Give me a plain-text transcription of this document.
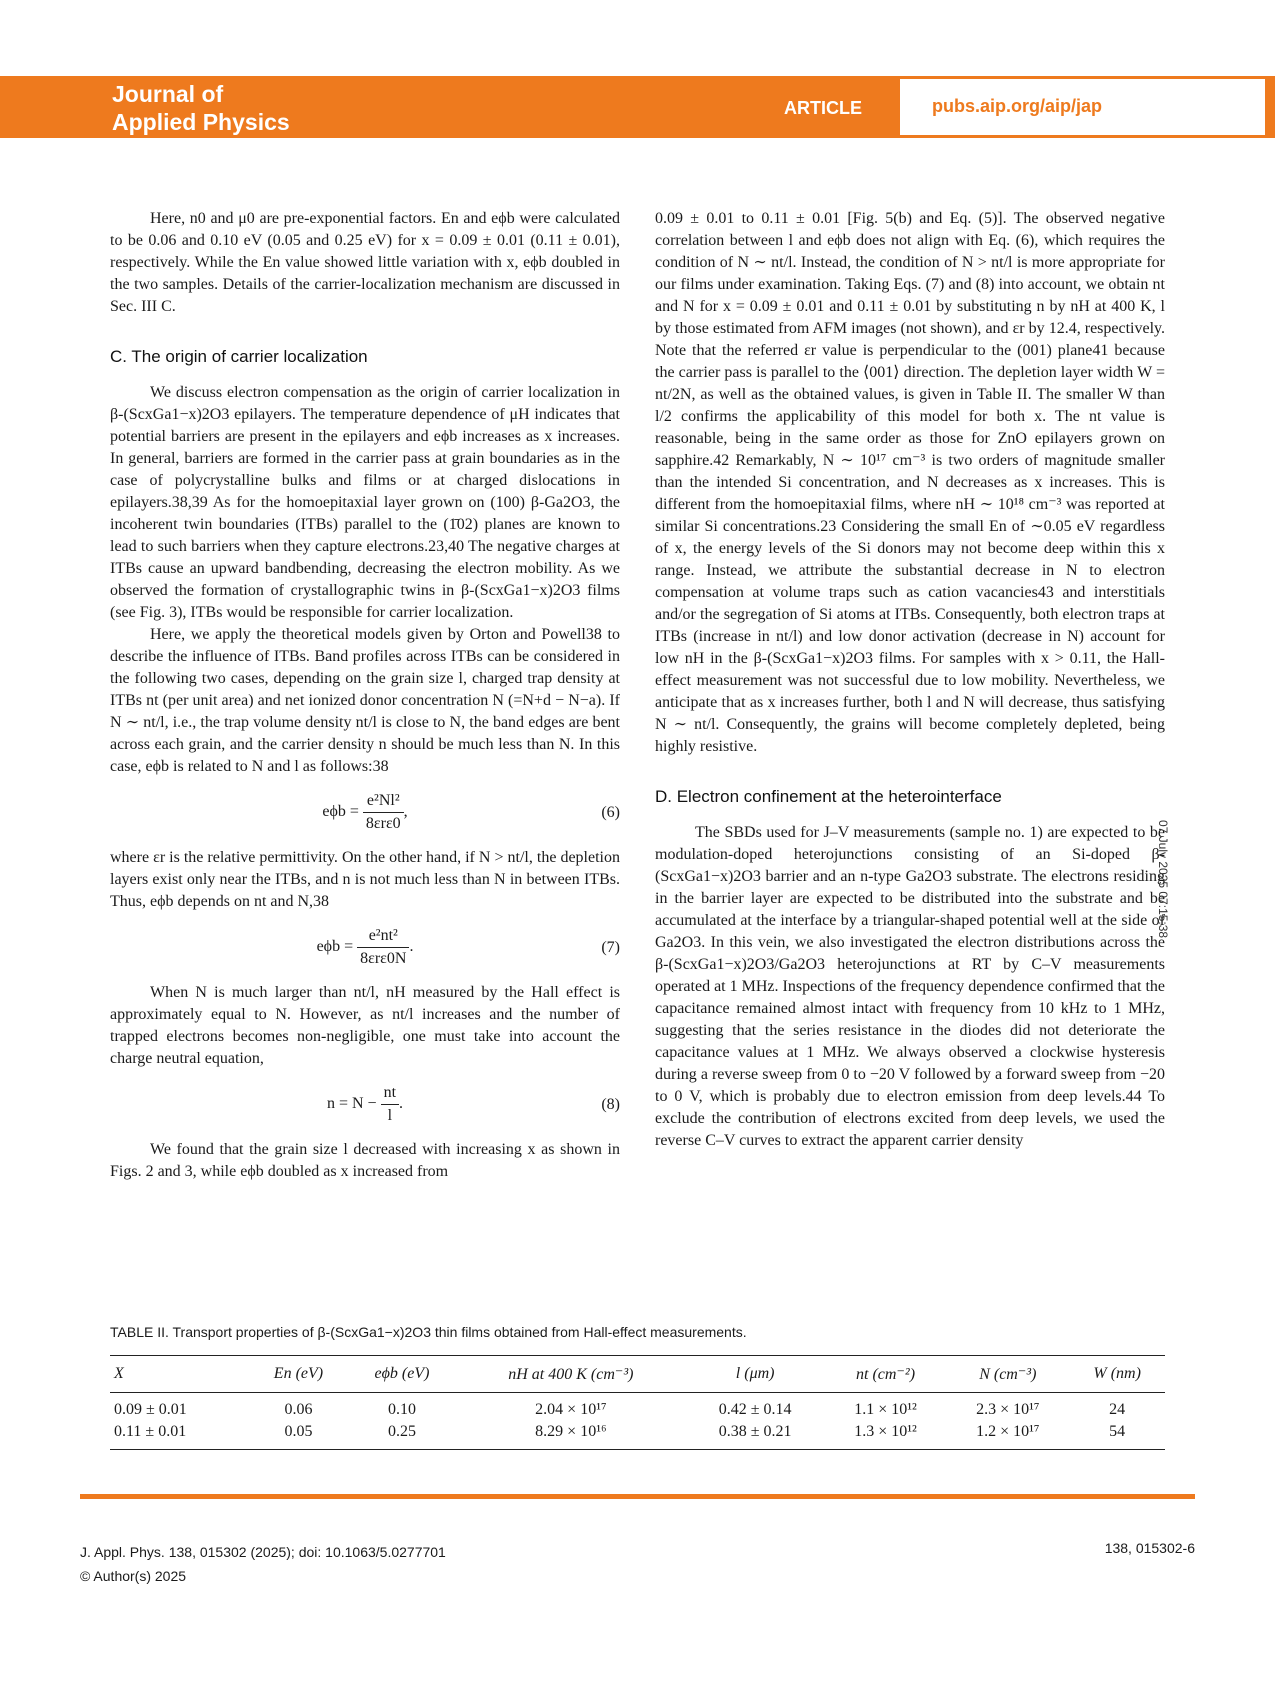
Journal of
Applied Physics
ARTICLE	pubs.aip.org/aip/jap

Here, n0 and μ0 are pre-exponential factors. En and eϕb were calculated to be 0.06 and 0.10 eV (0.05 and 0.25 eV) for x = 0.09 ± 0.01 (0.11 ± 0.01), respectively. While the En value showed little variation with x, eϕb doubled in the two samples. Details of the carrier-localization mechanism are discussed in Sec. III C.

C. The origin of carrier localization

We discuss electron compensation as the origin of carrier localization in β-(ScxGa1−x)2O3 epilayers. The temperature dependence of μH indicates that potential barriers are present in the epilayers and eϕb increases as x increases. In general, barriers are formed in the carrier pass at grain boundaries as in the case of polycrystalline bulks and films or at charged dislocations in epilayers.38,39 As for the homoepitaxial layer grown on (100) β-Ga2O3, the incoherent twin boundaries (ITBs) parallel to the (1̄02) planes are known to lead to such barriers when they capture electrons.23,40 The negative charges at ITBs cause an upward bandbending, decreasing the electron mobility. As we observed the formation of crystallographic twins in β-(ScxGa1−x)2O3 films (see Fig. 3), ITBs would be responsible for carrier localization.

Here, we apply the theoretical models given by Orton and Powell38 to describe the influence of ITBs. Band profiles across ITBs can be considered in the following two cases, depending on the grain size l, charged trap density at ITBs nt (per unit area) and net ionized donor concentration N (=N+d − N−a). If N ∼ nt/l, i.e., the trap volume density nt/l is close to N, the band edges are bent across each grain, and the carrier density n should be much less than N. In this case, eϕb is related to N and l as follows:38

$e\phi b = \frac{\text{e²Nl²}}{\text{8εrε0}}$ ,	(6)

where εr is the relative permittivity. On the other hand, if N > nt/l, the depletion layers exist only near the ITBs, and n is not much less than N in between ITBs. Thus, eϕb depends on nt and N,38

$e\phi b = \frac{\text{e²nt²}}{\text{8εrε0N}}$ .	(7)

When N is much larger than nt/l, nH measured by the Hall effect is approximately equal to N. However, as nt/l increases and the number of trapped electrons becomes non-negligible, one must take into account the charge neutral equation,

$n = N - \frac{nt}{l}$ .	(8)

We found that the grain size l decreased with increasing x as shown in Figs. 2 and 3, while eϕb doubled as x increased from

0.09 ± 0.01 to 0.11 ± 0.01 [Fig. 5(b) and Eq. (5)]. The observed negative correlation between l and eϕb does not align with Eq. (6), which requires the condition of N ∼ nt/l. Instead, the condition of N > nt/l is more appropriate for our films under examination. Taking Eqs. (7) and (8) into account, we obtain nt and N for x = 0.09 ± 0.01 and 0.11 ± 0.01 by substituting n by nH at 400 K, l by those estimated from AFM images (not shown), and εr by 12.4, respectively. Note that the referred εr value is perpendicular to the (001) plane41 because the carrier pass is parallel to the ⟨001⟩ direction. The depletion layer width W = nt/2N, as well as the obtained values, is given in Table II. The smaller W than l/2 confirms the applicability of this model for both x. The nt value is reasonable, being in the same order as those for ZnO epilayers grown on sapphire.42 Remarkably, N ∼ 10¹⁷ cm⁻³ is two orders of magnitude smaller than the intended Si concentration, and N decreases as x increases. This is different from the homoepitaxial films, where nH ∼ 10¹⁸ cm⁻³ was reported at similar Si concentrations.23 Considering the small En of ∼0.05 eV regardless of x, the energy levels of the Si donors may not become deep within this x range. Instead, we attribute the substantial decrease in N to electron compensation at volume traps such as cation vacancies43 and interstitials and/or the segregation of Si atoms at ITBs. Consequently, both electron traps at ITBs (increase in nt/l) and low donor activation (decrease in N) account for low nH in the β-(ScxGa1−x)2O3 films. For samples with x > 0.11, the Hall-effect measurement was not successful due to low mobility. Nevertheless, we anticipate that as x increases further, both l and N will decrease, thus satisfying N ∼ nt/l. Consequently, the grains will become completely depleted, being highly resistive.

D. Electron confinement at the heterointerface

The SBDs used for J–V measurements (sample no. 1) are expected to be modulation-doped heterojunctions consisting of an Si-doped β-(ScxGa1−x)2O3 barrier and an n-type Ga2O3 substrate. The electrons residing in the barrier layer are expected to be distributed into the substrate and be accumulated at the interface by a triangular-shaped potential well at the side of Ga2O3. In this vein, we also investigated the electron distributions across the β-(ScxGa1−x)2O3/Ga2O3 heterojunctions at RT by C–V measurements operated at 1 MHz. Inspections of the frequency dependence confirmed that the capacitance remained almost intact with frequency from 10 kHz to 1 MHz, suggesting that the series resistance in the diodes did not deteriorate the capacitance values at 1 MHz. We always observed a clockwise hysteresis during a reverse sweep from 0 to −20 V followed by a forward sweep from −20 to 0 V, which is probably due to electron emission from deep levels.44 To exclude the contribution of electrons excited from deep levels, we used the reverse C–V curves to extract the apparent carrier density

07 July 2025 07:15:38
TABLE II. Transport properties of β-(ScxGa1−x)2O3 thin films obtained from Hall-effect measurements.
X	En (eV)	eϕb (eV)	nH at 400 K (cm⁻³)	l (μm)	nt (cm⁻²)	N (cm⁻³)	W (nm)
0.09 ± 0.01	0.06	0.10	2.04 × 10¹⁷	0.42 ± 0.14	1.1 × 10¹²	2.3 × 10¹⁷	24
0.11 ± 0.01	0.05	0.25	8.29 × 10¹⁶	0.38 ± 0.21	1.3 × 10¹²	1.2 × 10¹⁷	54
J. Appl. Phys. 138, 015302 (2025); doi: 10.1063/5.0277701
© Author(s) 2025
138, 015302-6
